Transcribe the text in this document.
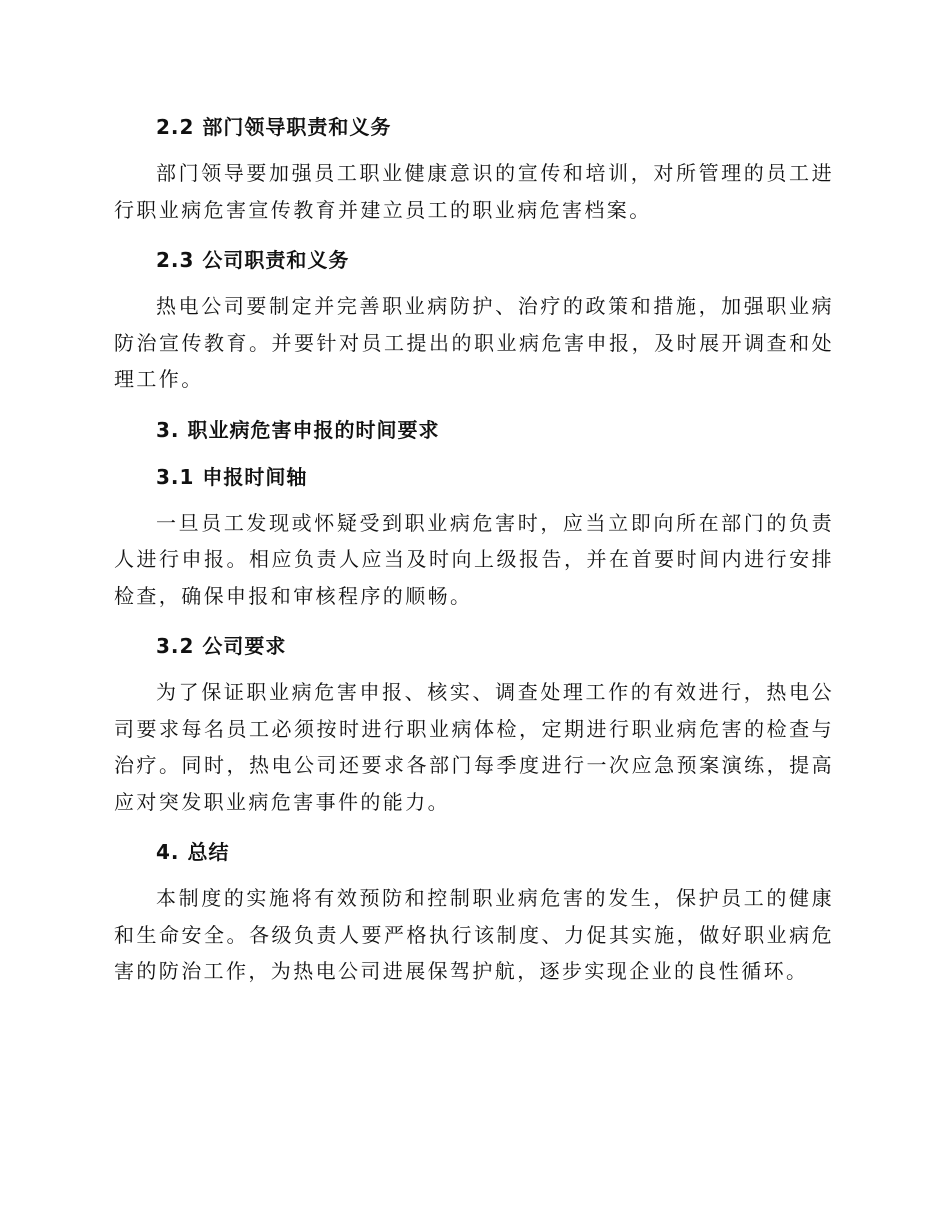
2.2 部门领导职责和义务

部门领导要加强员工职业健康意识的宣传和培训，对所管理的员工进行职业病危害宣传教育并建立员工的职业病危害档案。

2.3 公司职责和义务

热电公司要制定并完善职业病防护、治疗的政策和措施，加强职业病防治宣传教育。并要针对员工提出的职业病危害申报，及时展开调查和处理工作。

3. 职业病危害申报的时间要求
3.1 申报时间轴

一旦员工发现或怀疑受到职业病危害时，应当立即向所在部门的负责人进行申报。相应负责人应当及时向上级报告，并在首要时间内进行安排检查，确保申报和审核程序的顺畅。

3.2 公司要求

为了保证职业病危害申报、核实、调查处理工作的有效进行，热电公司要求每名员工必须按时进行职业病体检，定期进行职业病危害的检查与治疗。同时，热电公司还要求各部门每季度进行一次应急预案演练，提高应对突发职业病危害事件的能力。

4. 总结

本制度的实施将有效预防和控制职业病危害的发生，保护员工的健康和生命安全。各级负责人要严格执行该制度、力促其实施，做好职业病危害的防治工作，为热电公司进展保驾护航，逐步实现企业的良性循环。
